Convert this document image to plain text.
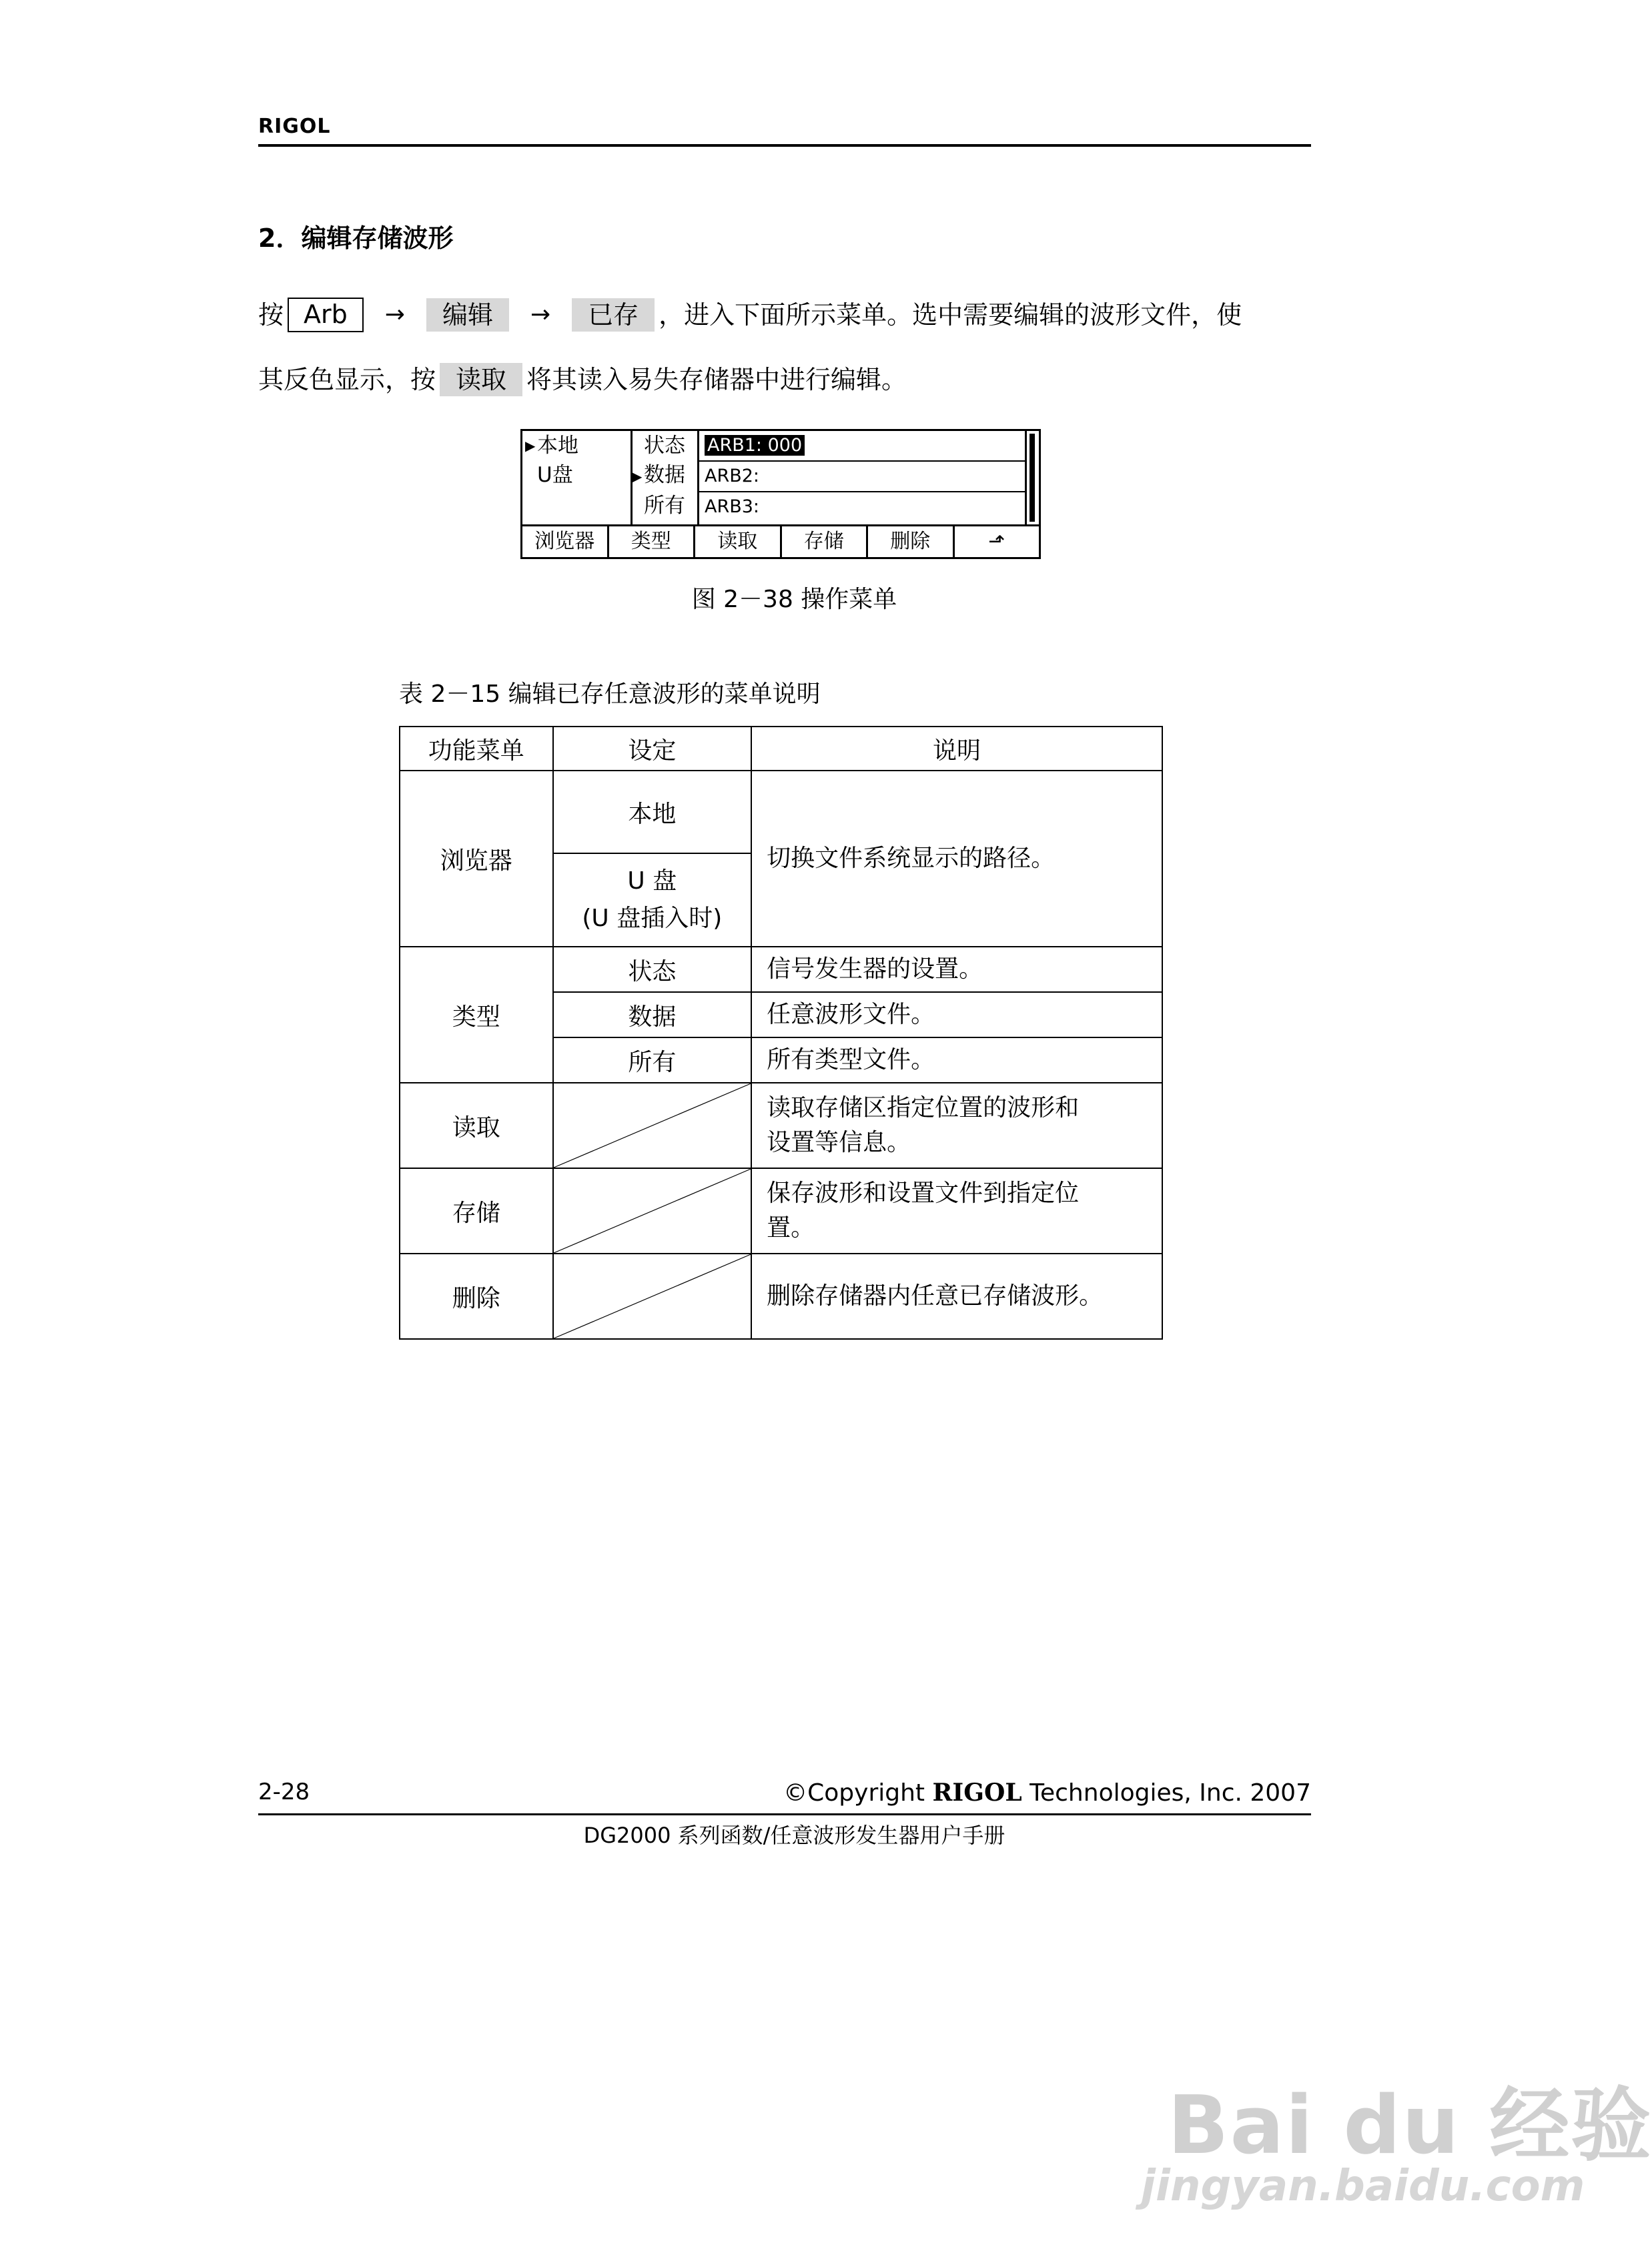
RIGOL
2．编辑存储波形
按 Arb	→	编辑	→	已存 ，进入下面所示菜单。选中需要编辑的波形文件，使
其反色显示，按 读取 将其读入易失存储器中进行编辑。
▶ 本地
U盘
状态
▶ 数据
所有
ARB1: 000
ARB2:
ARB3:
浏览器	类型	读取	存储	删除	⬏
图 2－38 操作菜单
表 2－15 编辑已存任意波形的菜单说明
功能菜单	设定	说明
浏览器	本地	切换文件系统显示的路径。

	U 盘
(U 盘插入时)	

类型	状态	信号发生器的设置。
	数据	任意波形文件。
	所有	所有类型文件。
读取		读取存储区指定位置的波形和
设置等信息。

存储		保存波形和设置文件到指定位
置。

删除		删除存储器内任意已存储波形。
2-28	©Copyright RIGOL Technologies, Inc. 2007
DG2000 系列函数/任意波形发生器用户手册
Bai du 经验
jingyan.baidu.com
